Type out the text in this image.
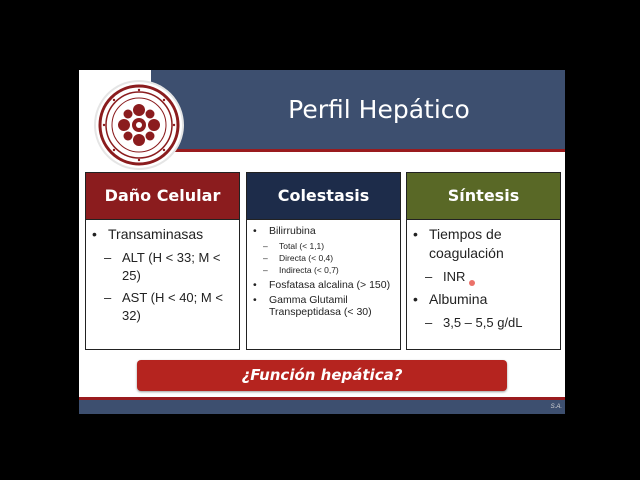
Perfil Hepático
Daño Celular
• Transaminasas
– ALT (H < 33; M < 25)
– AST (H < 40; M < 32)
Colestasis
• Bilirrubina
– Total (< 1,1)
– Directa (< 0,4)
– Indirecta (< 0,7)
• Fosfatasa alcalina (> 150)
• Gamma Glutamil Transpeptidasa (< 30)
Síntesis
• Tiempos de coagulación
– INR
• Albumina
– 3,5 – 5,5 g/dL
¿Función hepática?
S.A.
